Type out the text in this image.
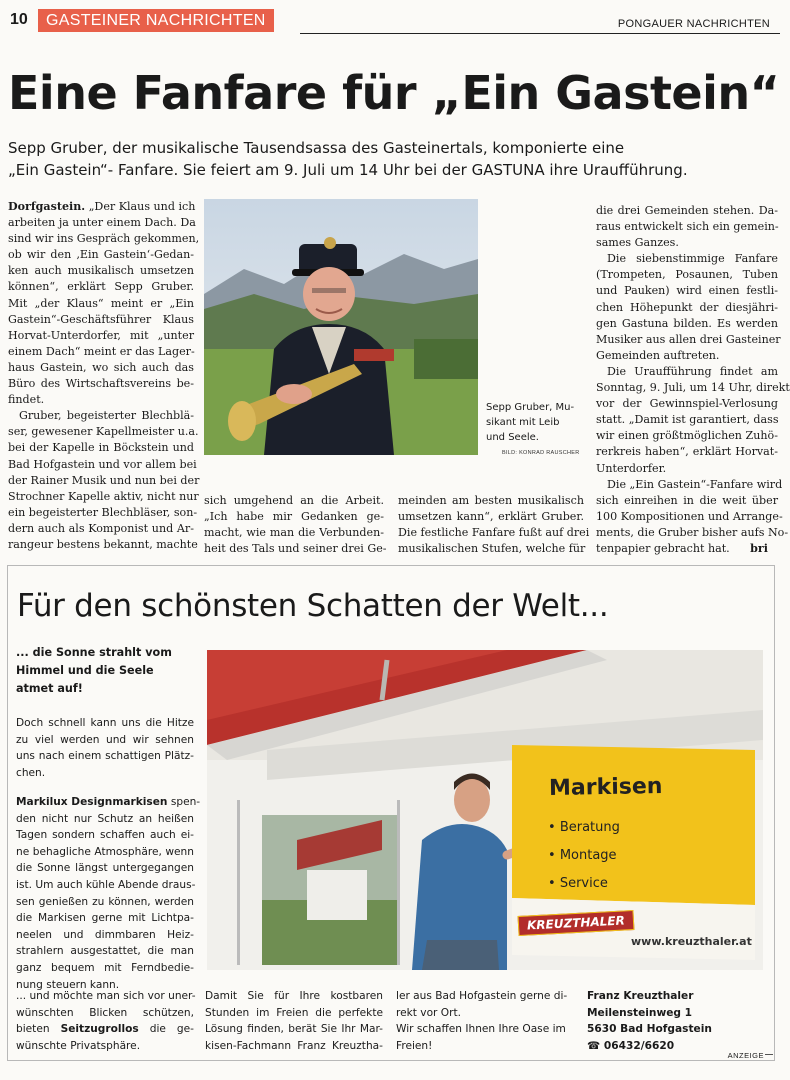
10	GASTEINER NACHRICHTEN	PONGAUER NACHRICHTEN
Eine Fanfare für „Ein Gastein“
Sepp Gruber, der musikalische Tausendsassa des Gasteinertals, komponierte eine
„Ein Gastein“- Fanfare. Sie feiert am 9. Juli um 14 Uhr bei der GASTUNA ihre Uraufführung.
Dorfgastein. „Der Klaus und ich
arbeiten ja unter einem Dach. Da
sind wir ins Gespräch gekommen,
ob wir den ‚Ein Gastein‘-Gedan-
ken auch musikalisch umsetzen
können“, erklärt Sepp Gruber.
Mit „der Klaus“ meint er „Ein
Gastein“-Geschäftsführer Klaus
Horvat-Unterdorfer, mit „unter
einem Dach“ meint er das Lager-
haus Gastein, wo sich auch das
Büro des Wirtschaftsvereins be-
findet.
Gruber, begeisterter Blechblä-
ser, gewesener Kapellmeister u.a.
bei der Kapelle in Böckstein und
Bad Hofgastein und vor allem bei
der Rainer Musik und nun bei der
Strochner Kapelle aktiv, nicht nur
ein begeisterter Blechbläser, son-
dern auch als Komponist und Ar-
rangeur bestens bekannt, machte
Sepp Gruber, Mu-
sikant mit Leib
und Seele.
BILD: KONRAD RAUSCHER
sich umgehend an die Arbeit.
„Ich habe mir Gedanken ge-
macht, wie man die Verbunden-
heit des Tals und seiner drei Ge-
meinden am besten musikalisch
umsetzen kann“, erklärt Gruber.
Die festliche Fanfare fußt auf drei
musikalischen Stufen, welche für
die drei Gemeinden stehen. Da-
raus entwickelt sich ein gemein-
sames Ganzes.
Die siebenstimmige Fanfare
(Trompeten, Posaunen, Tuben
und Pauken) wird einen festli-
chen Höhepunkt der diesjähri-
gen Gastuna bilden. Es werden
Musiker aus allen drei Gasteiner
Gemeinden auftreten.
Die Uraufführung findet am
Sonntag, 9. Juli, um 14 Uhr, direkt
vor der Gewinnspiel-Verlosung
statt. „Damit ist garantiert, dass
wir einen größtmöglichen Zuhö-
rerkreis haben“, erklärt Horvat-
Unterdorfer.
Die „Ein Gastein“-Fanfare wird
sich einreihen in die weit über
100 Kompositionen und Arrange-
ments, die Gruber bisher aufs No-
tenpapier gebracht hat. bri
Für den schönsten Schatten der Welt...
... die Sonne strahlt vom
Himmel und die Seele
atmet auf!
Doch schnell kann uns die Hitze
zu viel werden und wir sehnen
uns nach einem schattigen Plätz-
chen.
Markilux Designmarkisen spen-
den nicht nur Schutz an heißen
Tagen sondern schaffen auch ei-
ne behagliche Atmosphäre, wenn
die Sonne längst untergegangen
ist. Um auch kühle Abende draus-
sen genießen zu können, werden
die Markisen gerne mit Lichtpa-
neelen und dimmbaren Heiz-
strahlern ausgestattet, die man
ganz bequem mit Ferndbedie-
nung steuern kann.
Markisen
• Beratung
• Montage
• Service
KREUZTHALER
www.kreuzthaler.at
... und möchte man sich vor uner-
wünschten Blicken schützen,
bieten Seitzugrollos die ge-
wünschte Privatsphäre.
Damit Sie für Ihre kostbaren
Stunden im Freien die perfekte
Lösung finden, berät Sie Ihr Mar-
kisen-Fachmann Franz Kreuztha-
ler aus Bad Hofgastein gerne di-
rekt vor Ort.
Wir schaffen Ihnen Ihre Oase im
Freien!
Franz Kreuzthaler
Meilensteinweg 1
5630 Bad Hofgastein
☎ 06432/6620
ANZEIGE
